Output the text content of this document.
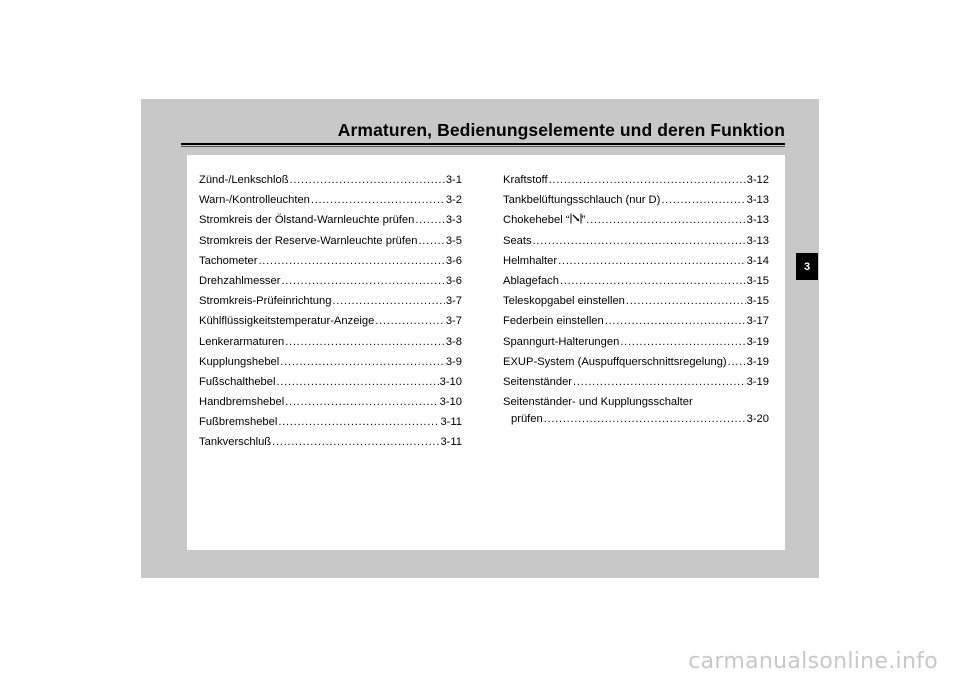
Armaturen, Bedienungselemente und deren Funktion
Zünd-/Lenkschloß . . .	3-1
Warn-/Kontrolleuchten . . .	3-2
Stromkreis der Ölstand-Warnleuchte prüfen . . .	3-3
Stromkreis der Reserve-Warnleuchte prüfen . . .	3-5
Tachometer . . .	3-6
Drehzahlmesser . . .	3-6
Stromkreis-Prüfeinrichtung . . .	3-7
Kühlflüssigkeitstemperatur-Anzeige . . .	3-7
Lenkerarmaturen . . .	3-8
Kupplungshebel . . .	3-9
Fußschalthebel . . .	3-10
Handbremshebel . . .	3-10
Fußbremshebel . . .	3-11
Tankverschluß . . .	3-11
Kraftstoff . . .	3-12
Tankbelüftungsschlauch (nur D) . . .	3-13
Chokehebel “ ” . . .	3-13
Seats . . .	3-13
Helmhalter . . .	3-14
Ablagefach . . .	3-15
Teleskopgabel einstellen . . .	3-15
Federbein einstellen . . .	3-17
Spanngurt-Halterungen . . .	3-19
EXUP-System (Auspuffquerschnittsregelung) . . . 3-19
Seitenständer . . .	3-19
Seitenständer- und Kupplungsschalter
prüfen . . .	3-20
3
carmanualsonline.info
